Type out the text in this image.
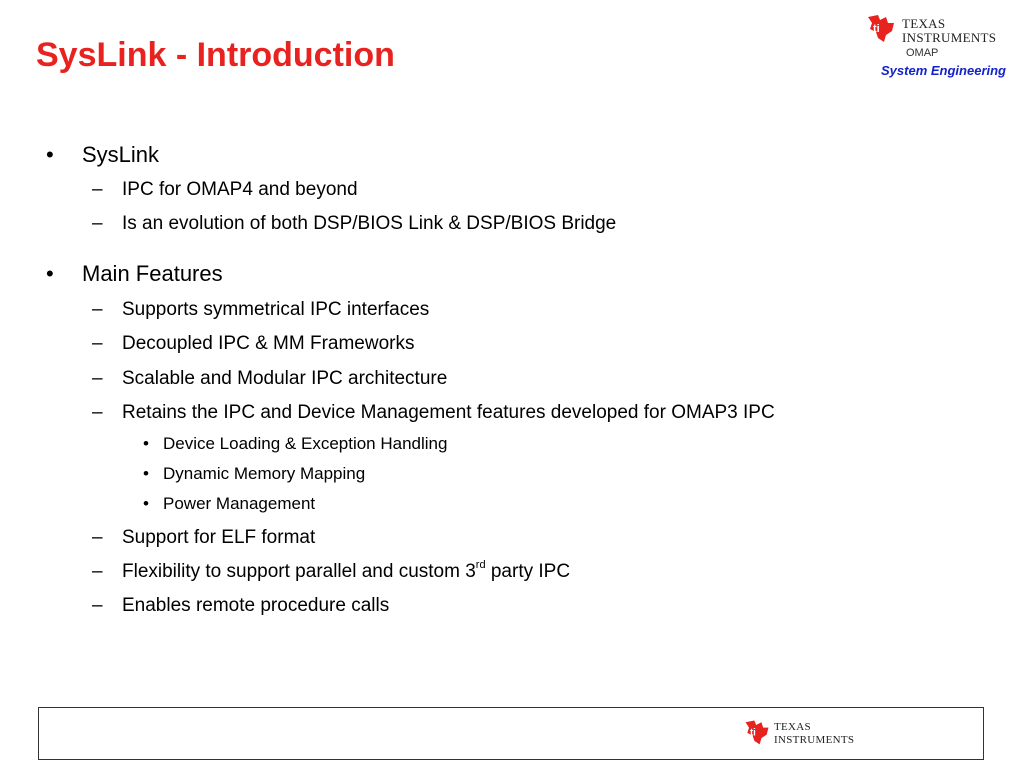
SysLink - Introduction
ti TEXAS
INSTRUMENTS
OMAP
System Engineering
• SysLink
– IPC for OMAP4 and beyond
– Is an evolution of both DSP/BIOS Link & DSP/BIOS Bridge
• Main Features
– Supports symmetrical IPC interfaces
– Decoupled IPC & MM Frameworks
– Scalable and Modular IPC architecture
– Retains the IPC and Device Management features developed for OMAP3 IPC
• Device Loading & Exception Handling
• Dynamic Memory Mapping
• Power Management
– Support for ELF format
– Flexibility to support parallel and custom 3rd party IPC
– Enables remote procedure calls
ti
TEXAS
INSTRUMENTS
